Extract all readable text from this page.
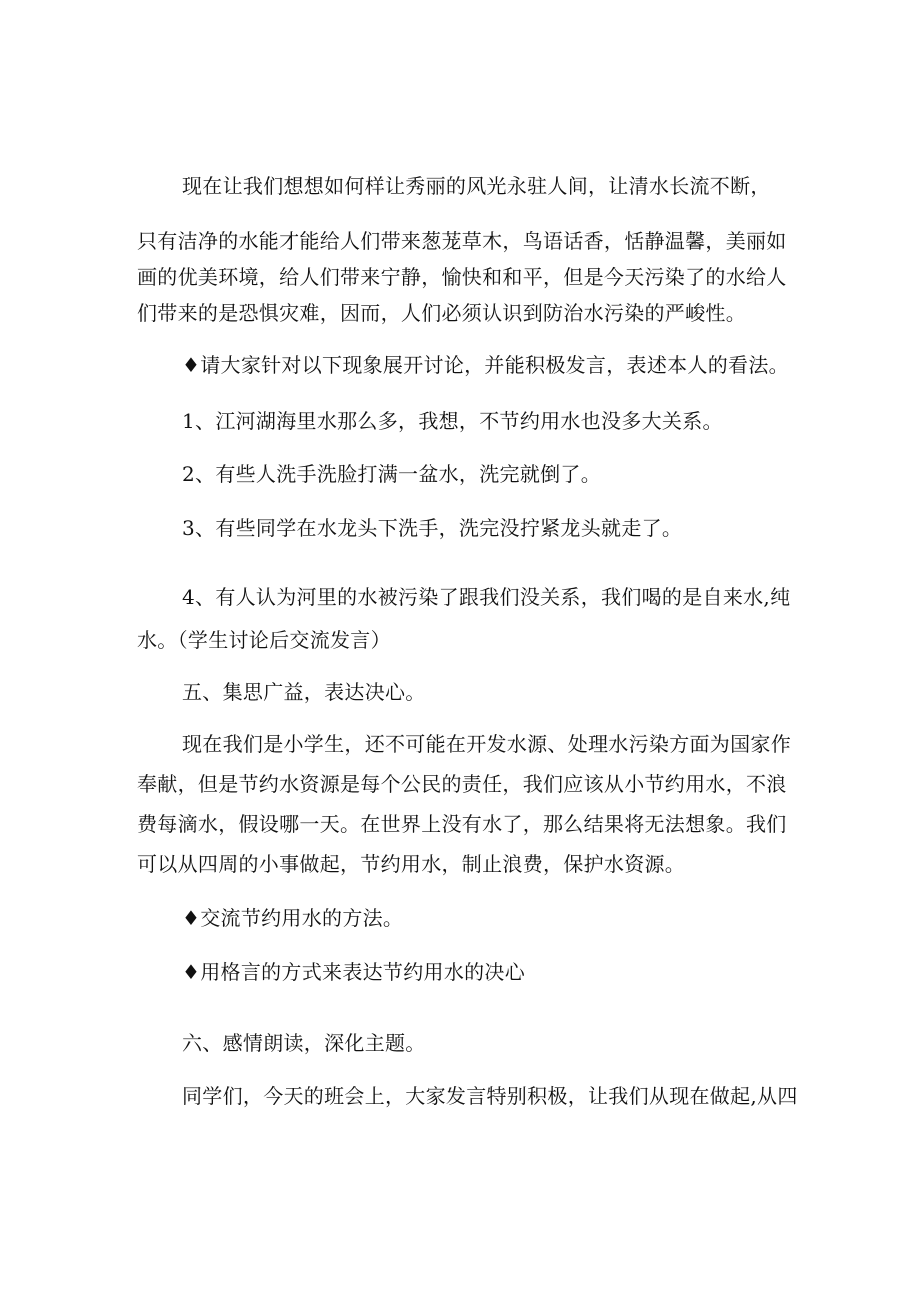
现在让我们想想如何样让秀丽的风光永驻人间，让清水长流不断，
只有洁净的水能才能给人们带来葱茏草木，鸟语话香，恬静温馨，美丽如
画的优美环境，给人们带来宁静，愉快和和平，但是今天污染了的水给人
们带来的是恐惧灾难，因而，人们必须认识到防治水污染的严峻性。
♦请大家针对以下现象展开讨论，并能积极发言，表述本人的看法。
1、江河湖海里水那么多，我想，不节约用水也没多大关系。
2、有些人洗手洗脸打满一盆水，洗完就倒了。
3、有些同学在水龙头下洗手，洗完没拧紧龙头就走了。
4、有人认为河里的水被污染了跟我们没关系，我们喝的是自来水,纯
水。（学生讨论后交流发言）
五、集思广益，表达决心。
现在我们是小学生，还不可能在开发水源、处理水污染方面为国家作
奉献，但是节约水资源是每个公民的责任，我们应该从小节约用水，不浪
费每滴水，假设哪一天。在世界上没有水了，那么结果将无法想象。我们
可以从四周的小事做起，节约用水，制止浪费，保护水资源。
♦交流节约用水的方法。
♦用格言的方式来表达节约用水的决心
六、感情朗读，深化主题。
同学们，今天的班会上，大家发言特别积极，让我们从现在做起,从四
